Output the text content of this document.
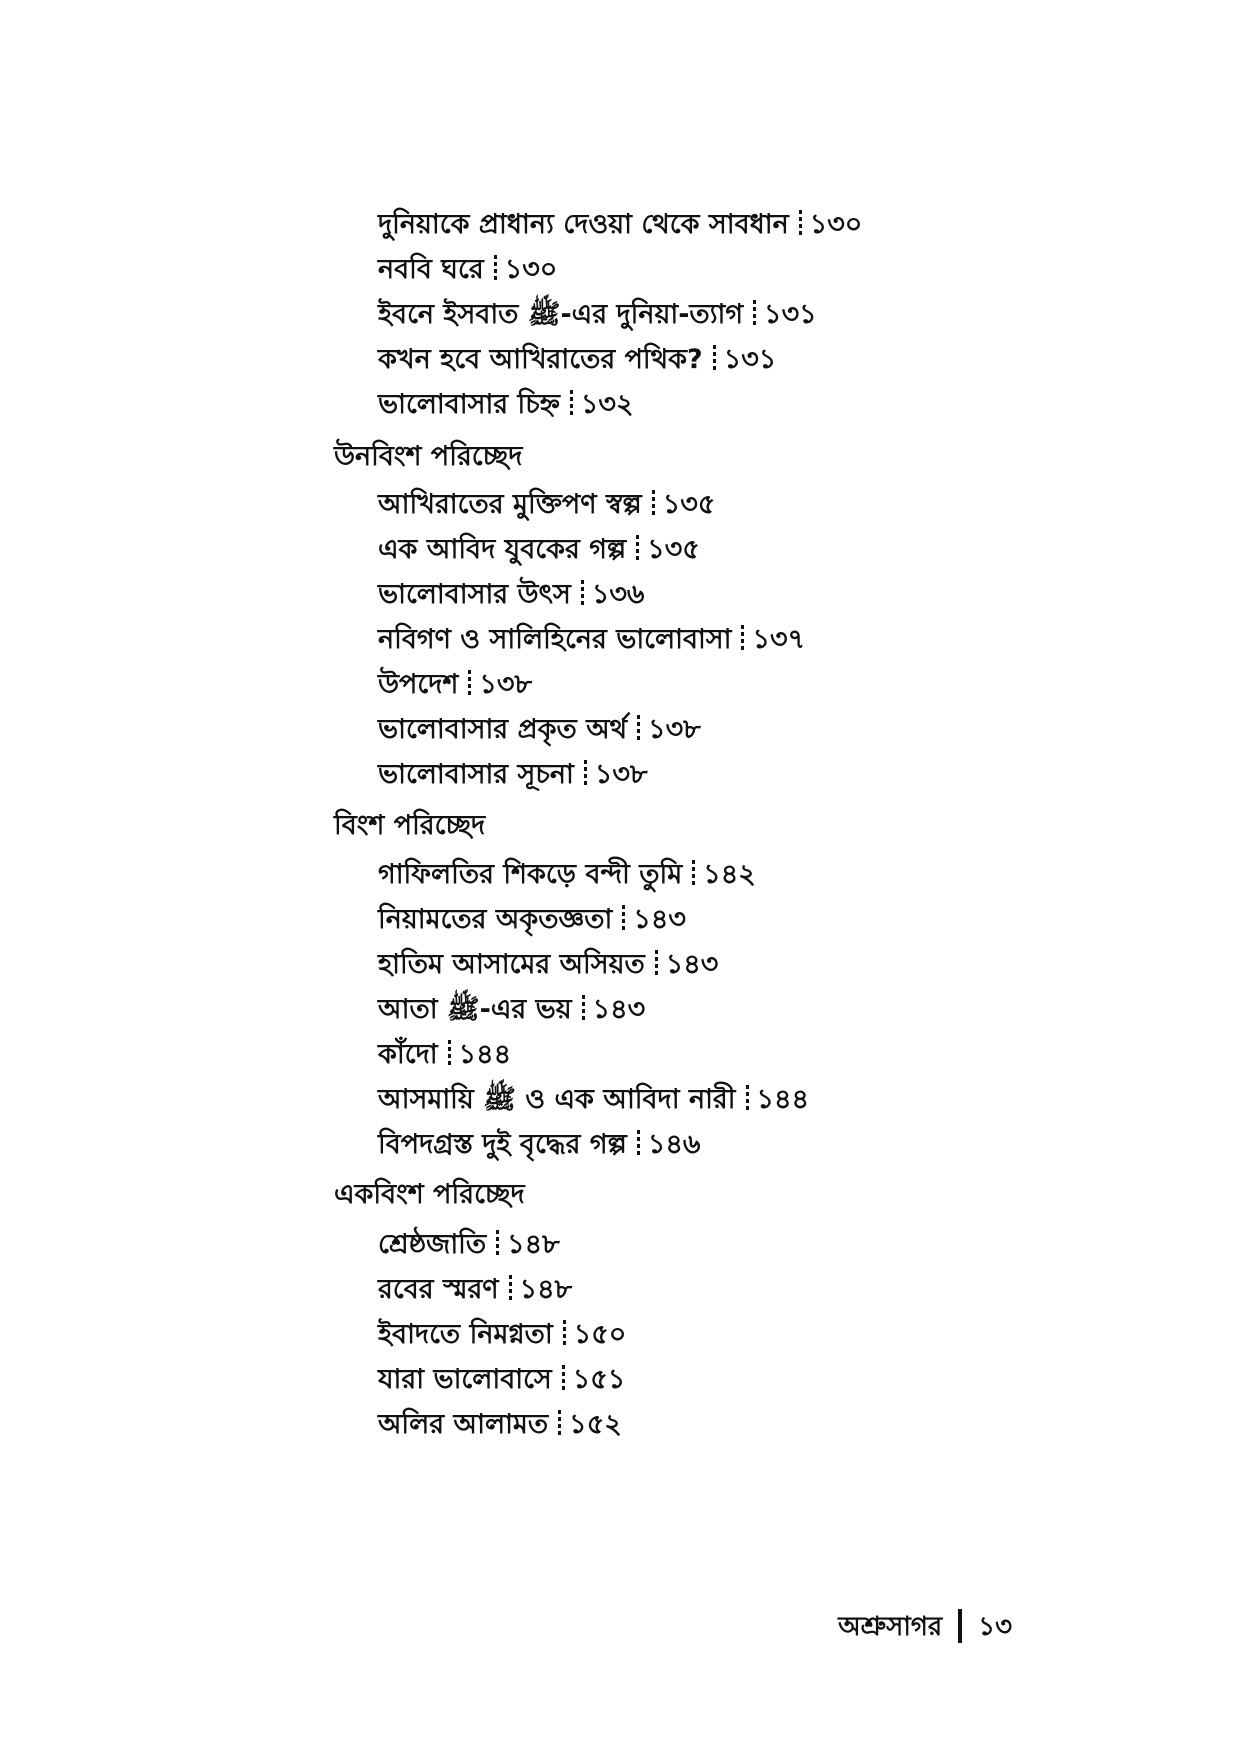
দুনিয়াকে প্রাধান্য দেওয়া থেকে সাবধান ১৩০
নববি ঘরে ১৩০
ইবনে ইসবাত ﷺ-এর দুনিয়া-ত্যাগ ১৩১
কখন হবে আখিরাতের পথিক? ১৩১
ভালোবাসার চিহ্ন ১৩২
উনবিংশ পরিচ্ছেদ
আখিরাতের মুক্তিপণ স্বল্প ১৩৫
এক আবিদ যুবকের গল্প ১৩৫
ভালোবাসার উৎস ১৩৬
নবিগণ ও সালিহিনের ভালোবাসা ১৩৭
উপদেশ ১৩৮
ভালোবাসার প্রকৃত অর্থ ১৩৮
ভালোবাসার সূচনা ১৩৮
বিংশ পরিচ্ছেদ
গাফিলতির শিকড়ে বন্দী তুমি ১৪২
নিয়ামতের অকৃতজ্ঞতা ১৪৩
হাতিম আসামের অসিয়ত ১৪৩
আতা ﷺ-এর ভয় ১৪৩
কাঁদো ১৪৪
আসমায়ি ﷺ ও এক আবিদা নারী ১৪৪
বিপদগ্রস্ত দুই বৃদ্ধের গল্প ১৪৬
একবিংশ পরিচ্ছেদ
শ্রেষ্ঠজাতি ১৪৮
রবের স্মরণ ১৪৮
ইবাদতে নিমগ্নতা ১৫০
যারা ভালোবাসে ১৫১
অলির আলামত ১৫২
অশ্রুসাগর ১৩
